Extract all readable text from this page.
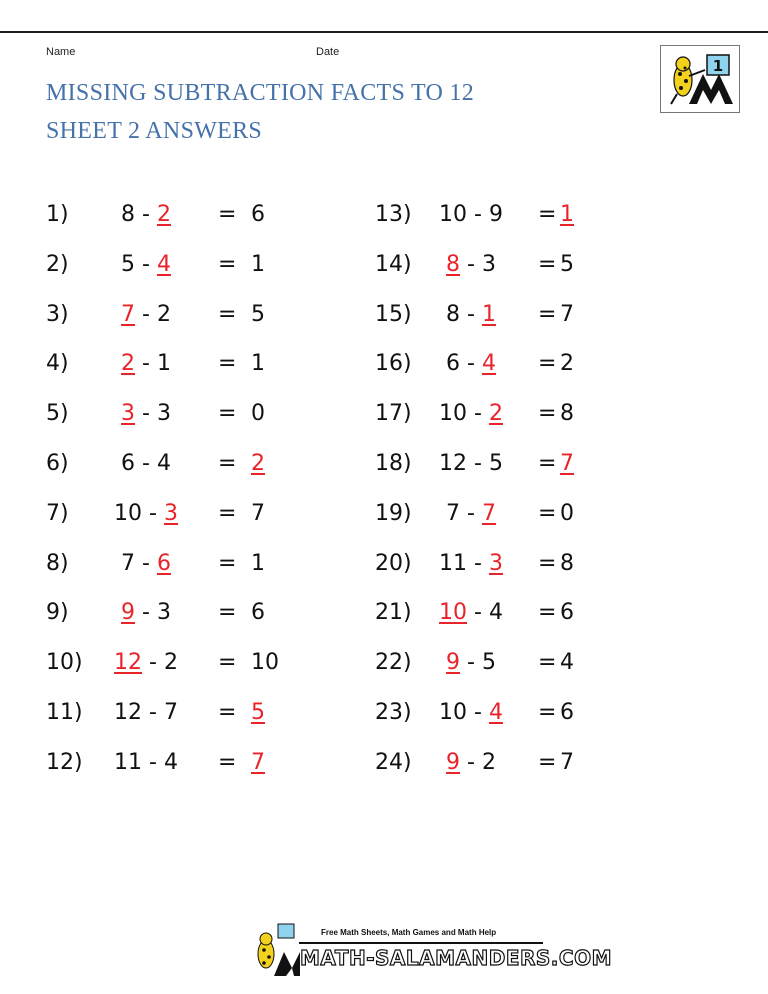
Name	Date
MISSING SUBTRACTION FACTS TO 12
SHEET 2 ANSWERS
1
1)	8 - 2	= 6
2)	5 - 4	= 1
3)	7 - 2	= 5
4)	2 - 1	= 1
5)	3 - 3	= 0
6)	6 - 4	= 2
7)	10 - 3	= 7
8)	7 - 6	= 1
9)	9 - 3	= 6
10)	12 - 2	= 10
11)	12 - 7	= 5
12)	11 - 4	= 7
13)	10 - 9	= 1
14)	8 - 3	= 5
15)	8 - 1	= 7
16)	6 - 4	= 2
17)	10 - 2	= 8
18)	12 - 5	= 7
19)	7 - 7	= 0
20)	11 - 3	= 8
21)	10 - 4	= 6
22)	9 - 5	= 4
23)	10 - 4	= 6
24)	9 - 2	= 7
Free Math Sheets, Math Games and Math Help
MATH-SALAMANDERS.COM
